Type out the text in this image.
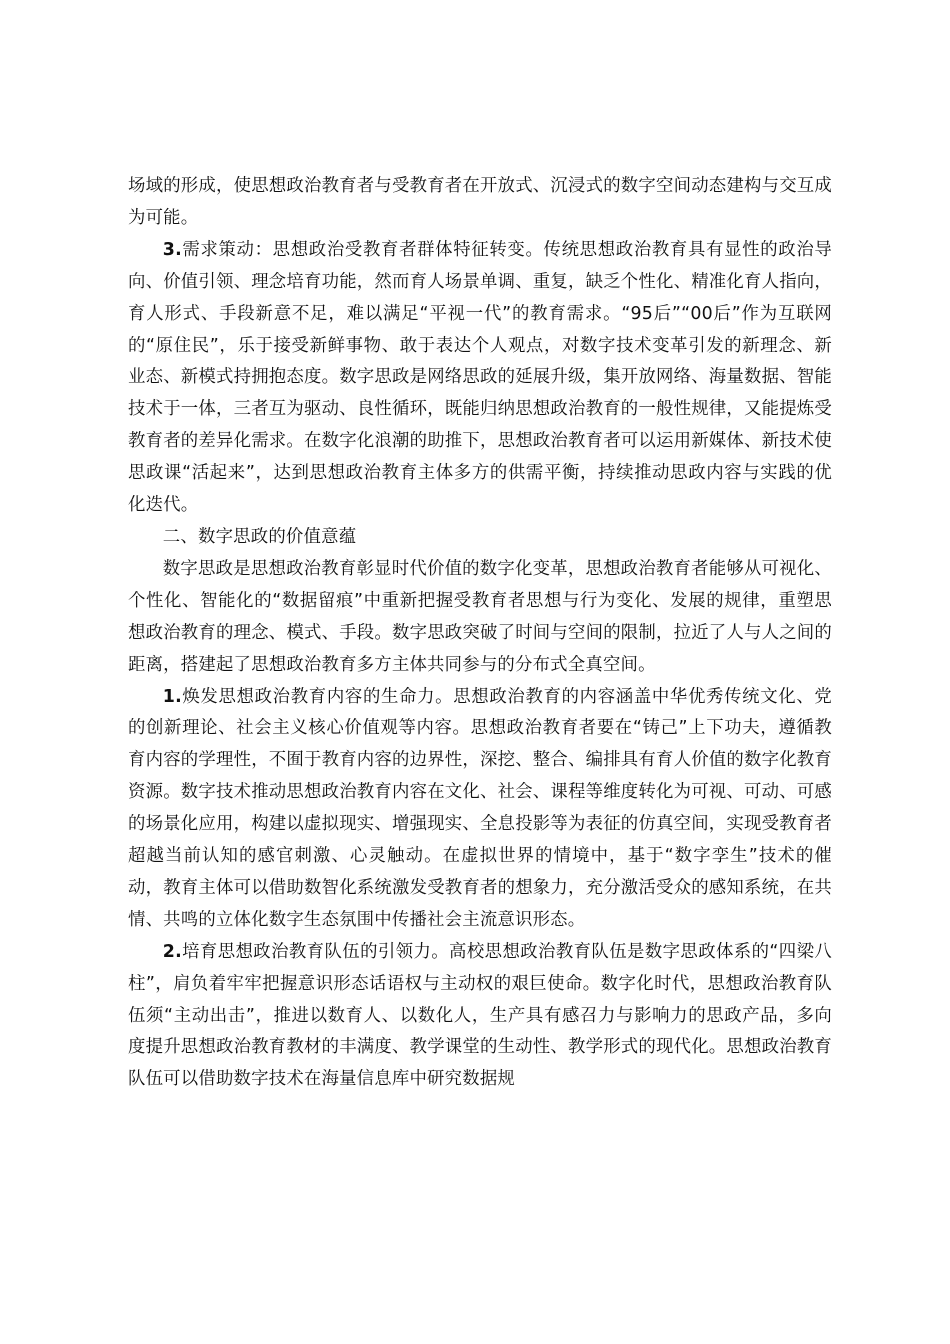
场域的形成，使思想政治教育者与受教育者在开放式、沉浸式的数字空间动态建构与交互成为可能。

3.需求策动：思想政治受教育者群体特征转变。传统思想政治教育具有显性的政治导向、价值引领、理念培育功能，然而育人场景单调、重复，缺乏个性化、精准化育人指向，育人形式、手段新意不足，难以满足“平视一代”的教育需求。“95后”“00后”作为互联网的“原住民”，乐于接受新鲜事物、敢于表达个人观点，对数字技术变革引发的新理念、新业态、新模式持拥抱态度。数字思政是网络思政的延展升级，集开放网络、海量数据、智能技术于一体，三者互为驱动、良性循环，既能归纳思想政治教育的一般性规律，又能提炼受教育者的差异化需求。在数字化浪潮的助推下，思想政治教育者可以运用新媒体、新技术使思政课“活起来”，达到思想政治教育主体多方的供需平衡，持续推动思政内容与实践的优化迭代。

二、数字思政的价值意蕴

数字思政是思想政治教育彰显时代价值的数字化变革，思想政治教育者能够从可视化、个性化、智能化的“数据留痕”中重新把握受教育者思想与行为变化、发展的规律，重塑思想政治教育的理念、模式、手段。数字思政突破了时间与空间的限制，拉近了人与人之间的距离，搭建起了思想政治教育多方主体共同参与的分布式全真空间。

1.焕发思想政治教育内容的生命力。思想政治教育的内容涵盖中华优秀传统文化、党的创新理论、社会主义核心价值观等内容。思想政治教育者要在“铸己”上下功夫，遵循教育内容的学理性，不囿于教育内容的边界性，深挖、整合、编排具有育人价值的数字化教育资源。数字技术推动思想政治教育内容在文化、社会、课程等维度转化为可视、可动、可感的场景化应用，构建以虚拟现实、增强现实、全息投影等为表征的仿真空间，实现受教育者超越当前认知的感官刺激、心灵触动。在虚拟世界的情境中，基于“数字孪生”技术的催动，教育主体可以借助数智化系统激发受教育者的想象力，充分激活受众的感知系统，在共情、共鸣的立体化数字生态氛围中传播社会主流意识形态。

2.培育思想政治教育队伍的引领力。高校思想政治教育队伍是数字思政体系的“四梁八柱”，肩负着牢牢把握意识形态话语权与主动权的艰巨使命。数字化时代，思想政治教育队伍须“主动出击”，推进以数育人、以数化人，生产具有感召力与影响力的思政产品，多向度提升思想政治教育教材的丰满度、教学课堂的生动性、教学形式的现代化。思想政治教育队伍可以借助数字技术在海量信息库中研究数据规
